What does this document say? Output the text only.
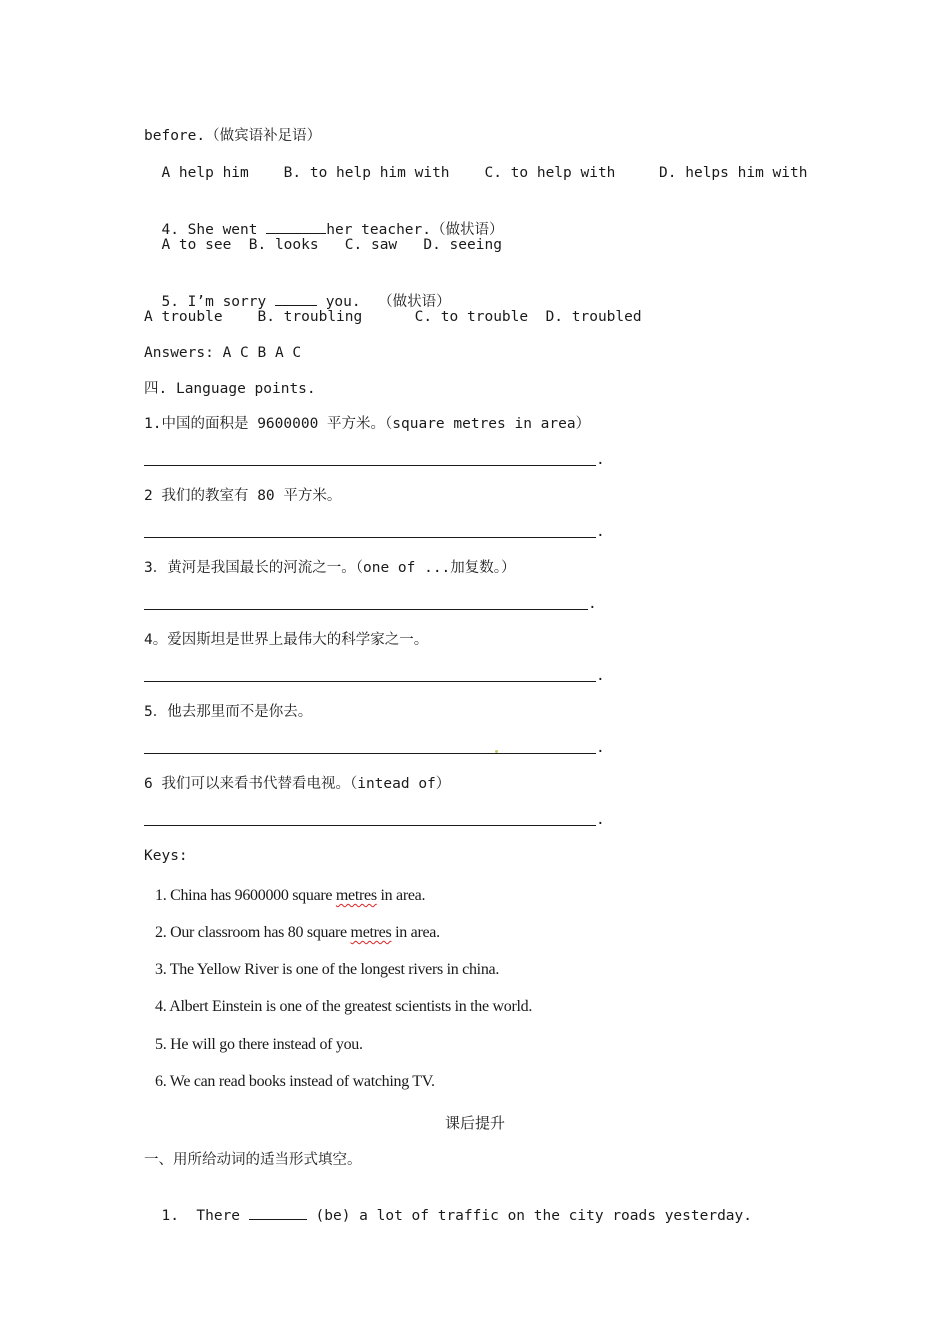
before.（做宾语补足语）
A help him    B. to help him with    C. to help with     D. helps him with

4. She went	her teacher.（做状语）

A to see  B. looks   C. saw   D. seeing

5. I’m sorry	you.  （做状语）

A trouble    B. troubling      C. to trouble  D. troubled
Answers: A C B A C
四. Language points.
1.中国的面积是 9600000 平方米。（square metres in area）
.
2 我们的教室有 80 平方米。
.
3．黄河是我国最长的河流之一。（one of ...加复数。）
.
4。爱因斯坦是世界上最伟大的科学家之一。
.
5．他去那里而不是你去。
.
6 我们可以来看书代替看电视。（intead of）
.
Keys:
1. China has 9600000 square metres in area.
2. Our classroom has 80 square metres in area.
3. The Yellow River is one of the longest rivers in china.
4. Albert Einstein is one of the greatest scientists in the world.
5. He will go there instead of you.
6. We can read books instead of watching TV.
课后提升
一、用所给动词的适当形式填空。

1.  There	(be) a lot of traffic on the city roads yesterday.
